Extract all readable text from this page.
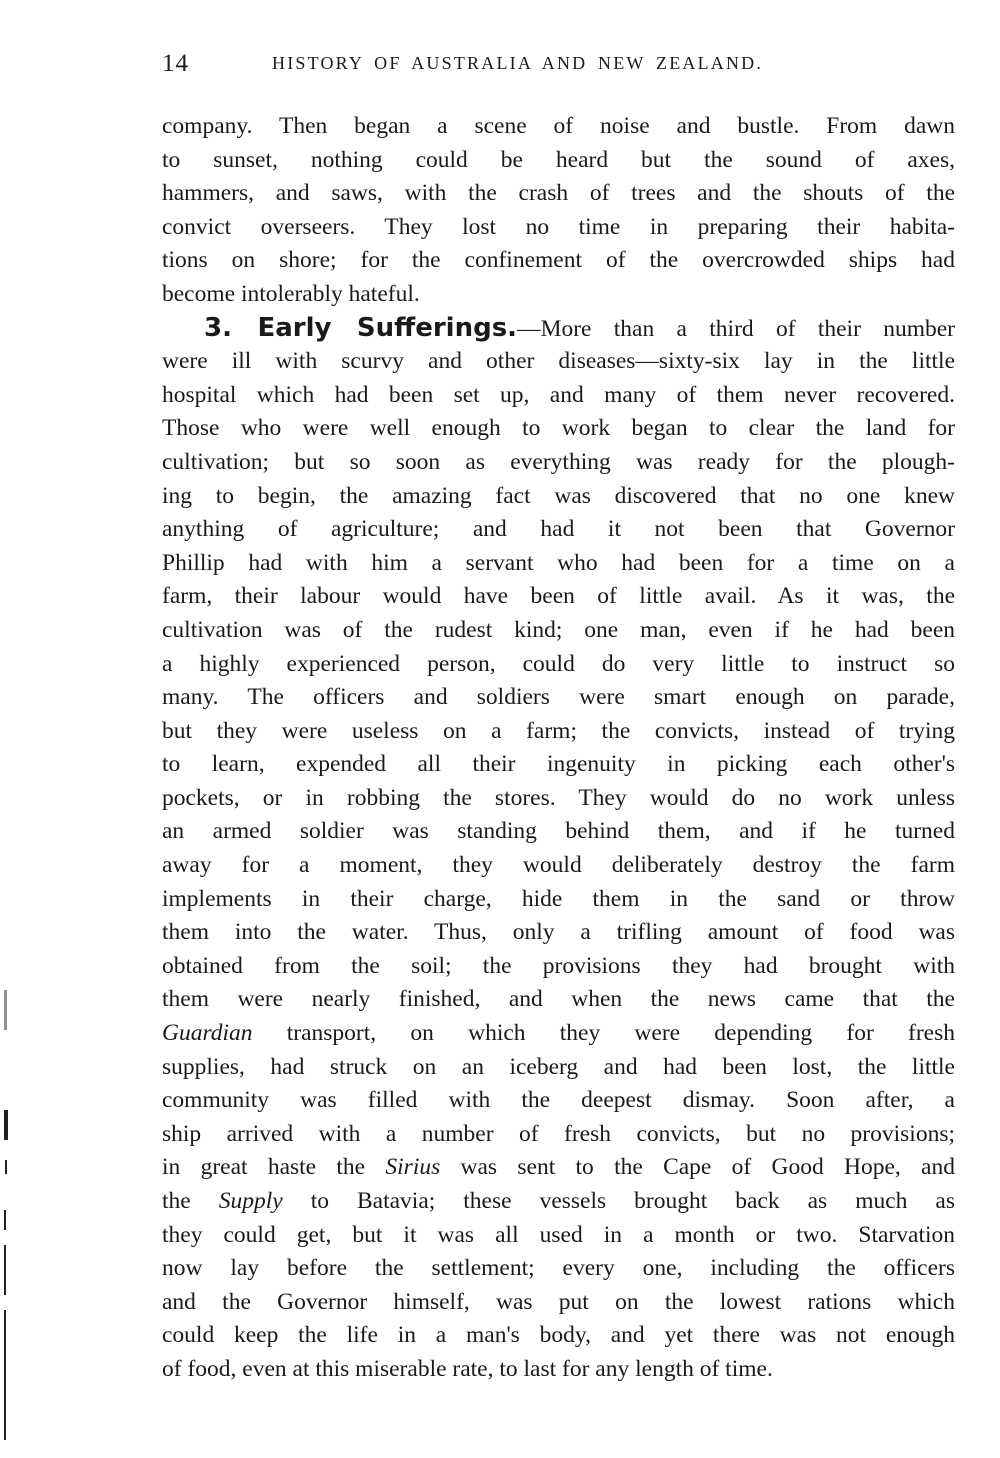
14	HISTORY OF AUSTRALIA AND NEW ZEALAND.
company. Then began a scene of noise and bustle. From dawn
to sunset, nothing could be heard but the sound of axes,
hammers, and saws, with the crash of trees and the shouts of the
convict overseers. They lost no time in preparing their habita-
tions on shore; for the confinement of the overcrowded ships had
become intolerably hateful.
3. Early Sufferings.—More than a third of their number
were ill with scurvy and other diseases—sixty-six lay in the little
hospital which had been set up, and many of them never recovered.
Those who were well enough to work began to clear the land for
cultivation; but so soon as everything was ready for the plough-
ing to begin, the amazing fact was discovered that no one knew
anything of agriculture; and had it not been that Governor
Phillip had with him a servant who had been for a time on a
farm, their labour would have been of little avail. As it was, the
cultivation was of the rudest kind; one man, even if he had been
a highly experienced person, could do very little to instruct so
many. The officers and soldiers were smart enough on parade,
but they were useless on a farm; the convicts, instead of trying
to learn, expended all their ingenuity in picking each other's
pockets, or in robbing the stores. They would do no work unless
an armed soldier was standing behind them, and if he turned
away for a moment, they would deliberately destroy the farm
implements in their charge, hide them in the sand or throw
them into the water. Thus, only a trifling amount of food was
obtained from the soil; the provisions they had brought with
them were nearly finished, and when the news came that the
Guardian transport, on which they were depending for fresh
supplies, had struck on an iceberg and had been lost, the little
community was filled with the deepest dismay. Soon after, a
ship arrived with a number of fresh convicts, but no provisions;
in great haste the Sirius was sent to the Cape of Good Hope, and
the Supply to Batavia; these vessels brought back as much as
they could get, but it was all used in a month or two. Starvation
now lay before the settlement; every one, including the officers
and the Governor himself, was put on the lowest rations which
could keep the life in a man's body, and yet there was not enough
of food, even at this miserable rate, to last for any length of time.
